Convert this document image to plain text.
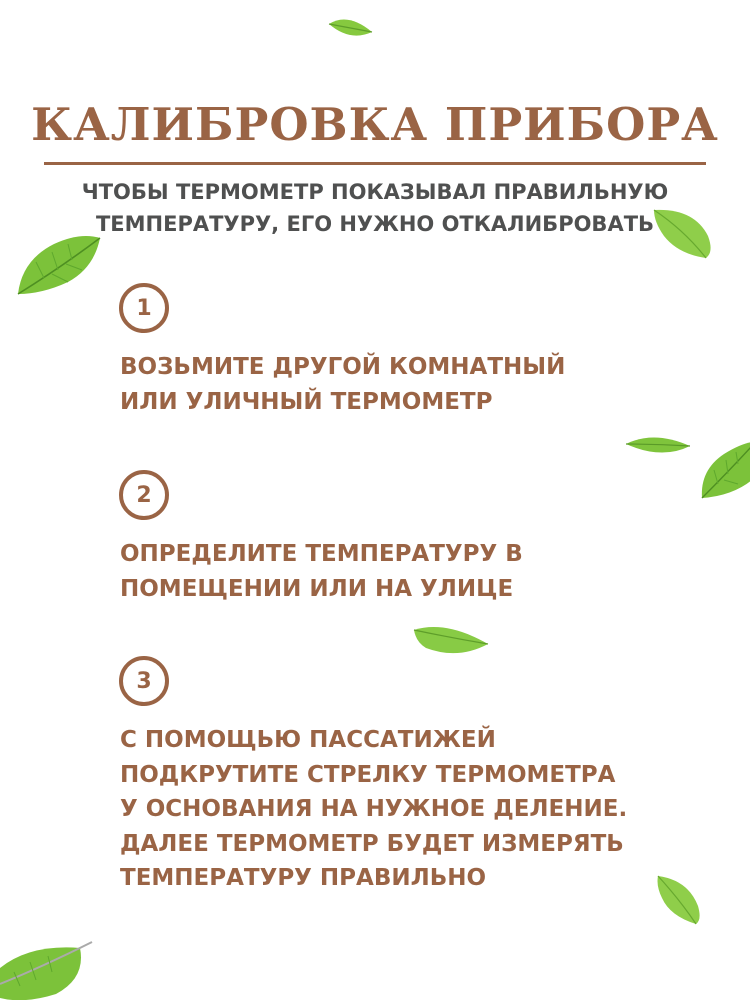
КАЛИБРОВКА ПРИБОРА
ЧТОБЫ ТЕРМОМЕТР ПОКАЗЫВАЛ ПРАВИЛЬНУЮ
ТЕМПЕРАТУРУ, ЕГО НУЖНО ОТКАЛИБРОВАТЬ
1
ВОЗЬМИТЕ ДРУГОЙ КОМНАТНЫЙ
ИЛИ УЛИЧНЫЙ ТЕРМОМЕТР
2
ОПРЕДЕЛИТЕ ТЕМПЕРАТУРУ В
ПОМЕЩЕНИИ ИЛИ НА УЛИЦЕ
3
С ПОМОЩЬЮ ПАССАТИЖЕЙ
ПОДКРУТИТЕ СТРЕЛКУ ТЕРМОМЕТРА
У ОСНОВАНИЯ НА НУЖНОЕ ДЕЛЕНИЕ.
ДАЛЕЕ ТЕРМОМЕТР БУДЕТ ИЗМЕРЯТЬ
ТЕМПЕРАТУРУ ПРАВИЛЬНО
